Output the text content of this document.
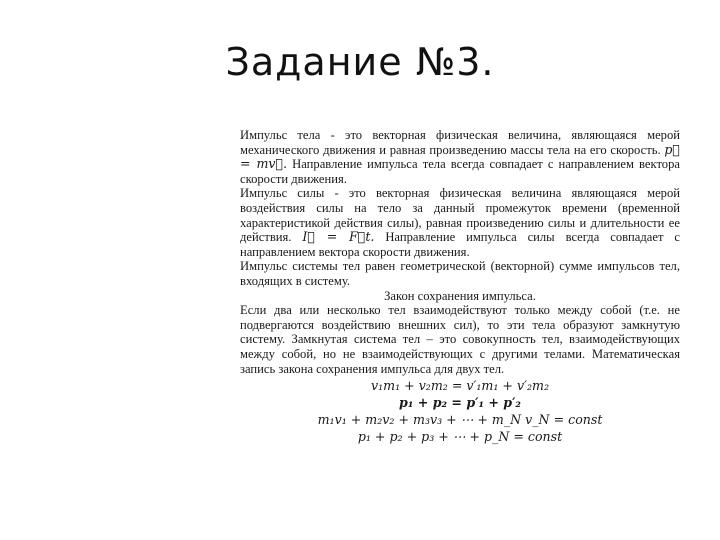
Задание №3.

Импульс тела - это векторная физическая величина, являющаяся мерой механического движения и равная произведению массы тела на его скорость. p⃗ = mv⃗. Направление импульса тела всегда совпадает с направлением вектора скорости движения.

Импульс силы - это векторная физическая величина являющаяся мерой воздействия силы на тело за данный промежуток времени (временной характеристикой действия силы), равная произведению силы и длительности ее действия. I⃗ = F⃗t. Направление импульса силы всегда совпадает с направлением вектора скорости движения.

Импульс системы тел равен геометрической (векторной) сумме импульсов тел, входящих в систему.

Закон сохранения импульса.

Если два или несколько тел взаимодействуют только между собой (т.е. не подвергаются воздействию внешних сил), то эти тела образуют замкнутую систему. Замкнутая система тел – это совокупность тел, взаимодействующих между собой, но не взаимодействующих с другими телами. Математическая запись закона сохранения импульса для двух тел.

v₁m₁ + v₂m₂ = v′₁m₁ + v′₂m₂
p₁ + p₂ = p′₁ + p′₂
m₁v₁ + m₂v₂ + m₃v₃ + ⋯ + m_N v_N = const
p₁ + p₂ + p₃ + ⋯ + p_N = const
